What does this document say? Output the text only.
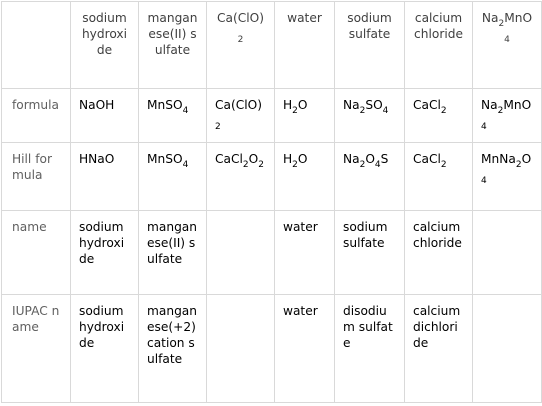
	sodium hydroxide	manganese(II) sulfate	$Ca(ClO)_2$	water	sodium sulfate	calcium chloride	$Na_2MnO_4$
formula	NaOH	MnSO$_4$	$Ca(ClO)_2$	$H_2O$	$Na_2SO_4$	CaCl$_2$	$Na_2MnO_4$
Hill formula	HNaO	MnSO$_4$	$CaCl_2O_2$	$H_2O$	$Na_2O_4S$	CaCl$_2$	$MnNa_2O_4$
name	sodium hydroxide	manganese(II) sulfate		water	sodium sulfate	calcium chloride	
IUPAC name	sodium hydroxide	manganese(+2) cation sulfate		water	disodium sulfate	calcium dichloride	
